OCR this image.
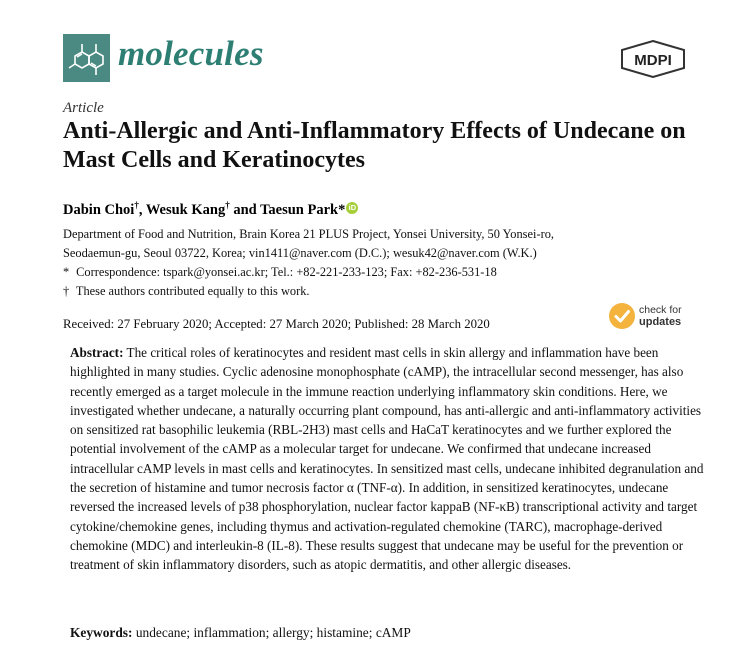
molecules	MDPI
Article
Anti-Allergic and Anti-Inflammatory Effects of Undecane on Mast Cells and Keratinocytes
Dabin Choi†, Wesuk Kang† and Taesun Park* iD
Department of Food and Nutrition, Brain Korea 21 PLUS Project, Yonsei University, 50 Yonsei-ro,
Seodaemun-gu, Seoul 03722, Korea; vin1411@naver.com (D.C.); wesuk42@naver.com (W.K.)
* Correspondence: tspark@yonsei.ac.kr; Tel.: +82-221-233-123; Fax: +82-236-531-18
† These authors contributed equally to this work.
Received: 27 February 2020; Accepted: 27 March 2020; Published: 28 March 2020
check for
updates
Abstract: The critical roles of keratinocytes and resident mast cells in skin allergy and inflammation have been highlighted in many studies. Cyclic adenosine monophosphate (cAMP), the intracellular second messenger, has also recently emerged as a target molecule in the immune reaction underlying inflammatory skin conditions. Here, we investigated whether undecane, a naturally occurring plant compound, has anti-allergic and anti-inflammatory activities on sensitized rat basophilic leukemia (RBL-2H3) mast cells and HaCaT keratinocytes and we further explored the potential involvement of the cAMP as a molecular target for undecane. We confirmed that undecane increased intracellular cAMP levels in mast cells and keratinocytes. In sensitized mast cells, undecane inhibited degranulation and the secretion of histamine and tumor necrosis factor α (TNF-α). In addition, in sensitized keratinocytes, undecane reversed the increased levels of p38 phosphorylation, nuclear factor kappaB (NF-κB) transcriptional activity and target cytokine/chemokine genes, including thymus and activation-regulated chemokine (TARC), macrophage-derived chemokine (MDC) and interleukin-8 (IL-8). These results suggest that undecane may be useful for the prevention or treatment of skin inflammatory disorders, such as atopic dermatitis, and other allergic diseases.
Keywords: undecane; inflammation; allergy; histamine; cAMP
